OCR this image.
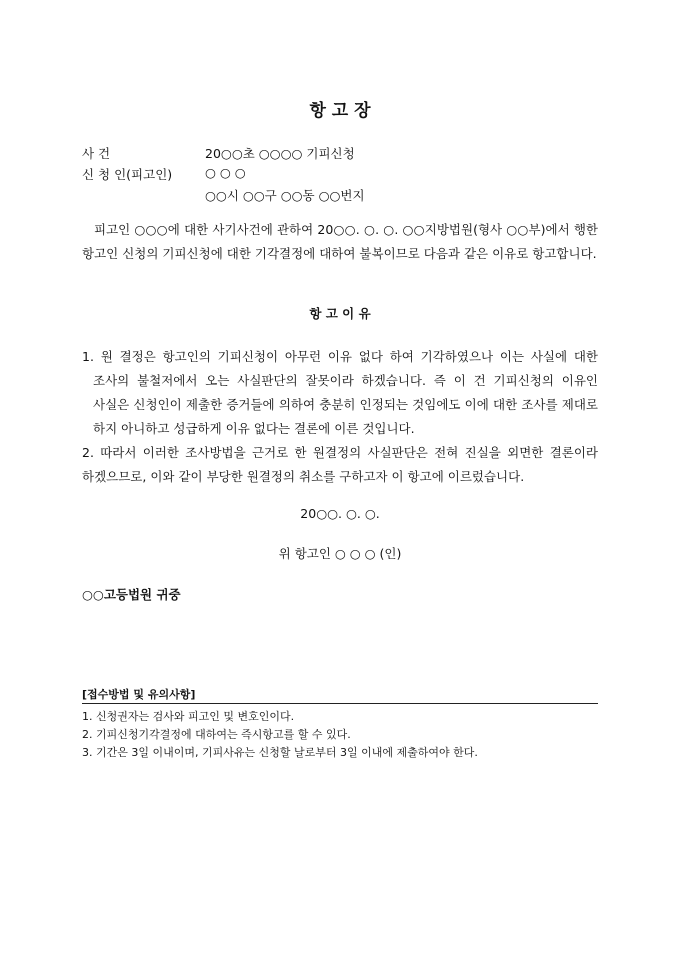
항 고 장
사 건	20○○초 ○○○○ 기피신청
신 청 인(피고인)	○ ○ ○
○○시 ○○구 ○○동 ○○번지
피고인 ○○○에 대한 사기사건에 관하여 20○○. ○. ○. ○○지방법원(형사 ○○부)에서 행한 항고인 신청의 기피신청에 대한 기각결정에 대하여 불복이므로 다음과 같은 이유로 항고합니다.
항 고 이 유
1. 원 결정은 항고인의 기피신청이 아무런 이유 없다 하여 기각하였으나 이는 사실에 대한 조사의 불철저에서 오는 사실판단의 잘못이라 하겠습니다. 즉 이 건 기피신청의 이유인 사실은 신청인이 제출한 증거들에 의하여 충분히 인정되는 것임에도 이에 대한 조사를 제대로 하지 아니하고 성급하게 이유 없다는 결론에 이른 것입니다.
2. 따라서 이러한 조사방법을 근거로 한 원결정의 사실판단은 전혀 진실을 외면한 결론이라 하겠으므로, 이와 같이 부당한 원결정의 취소를 구하고자 이 항고에 이르렀습니다.
20○○. ○. ○.
위 항고인 ○ ○ ○ (인)
○○고등법원 귀중
[접수방법 및 유의사항]
1. 신청권자는 검사와 피고인 및 변호인이다.
2. 기피신청기각결정에 대하여는 즉시항고를 할 수 있다.
3. 기간은 3일 이내이며, 기피사유는 신청할 날로부터 3일 이내에 제출하여야 한다.
